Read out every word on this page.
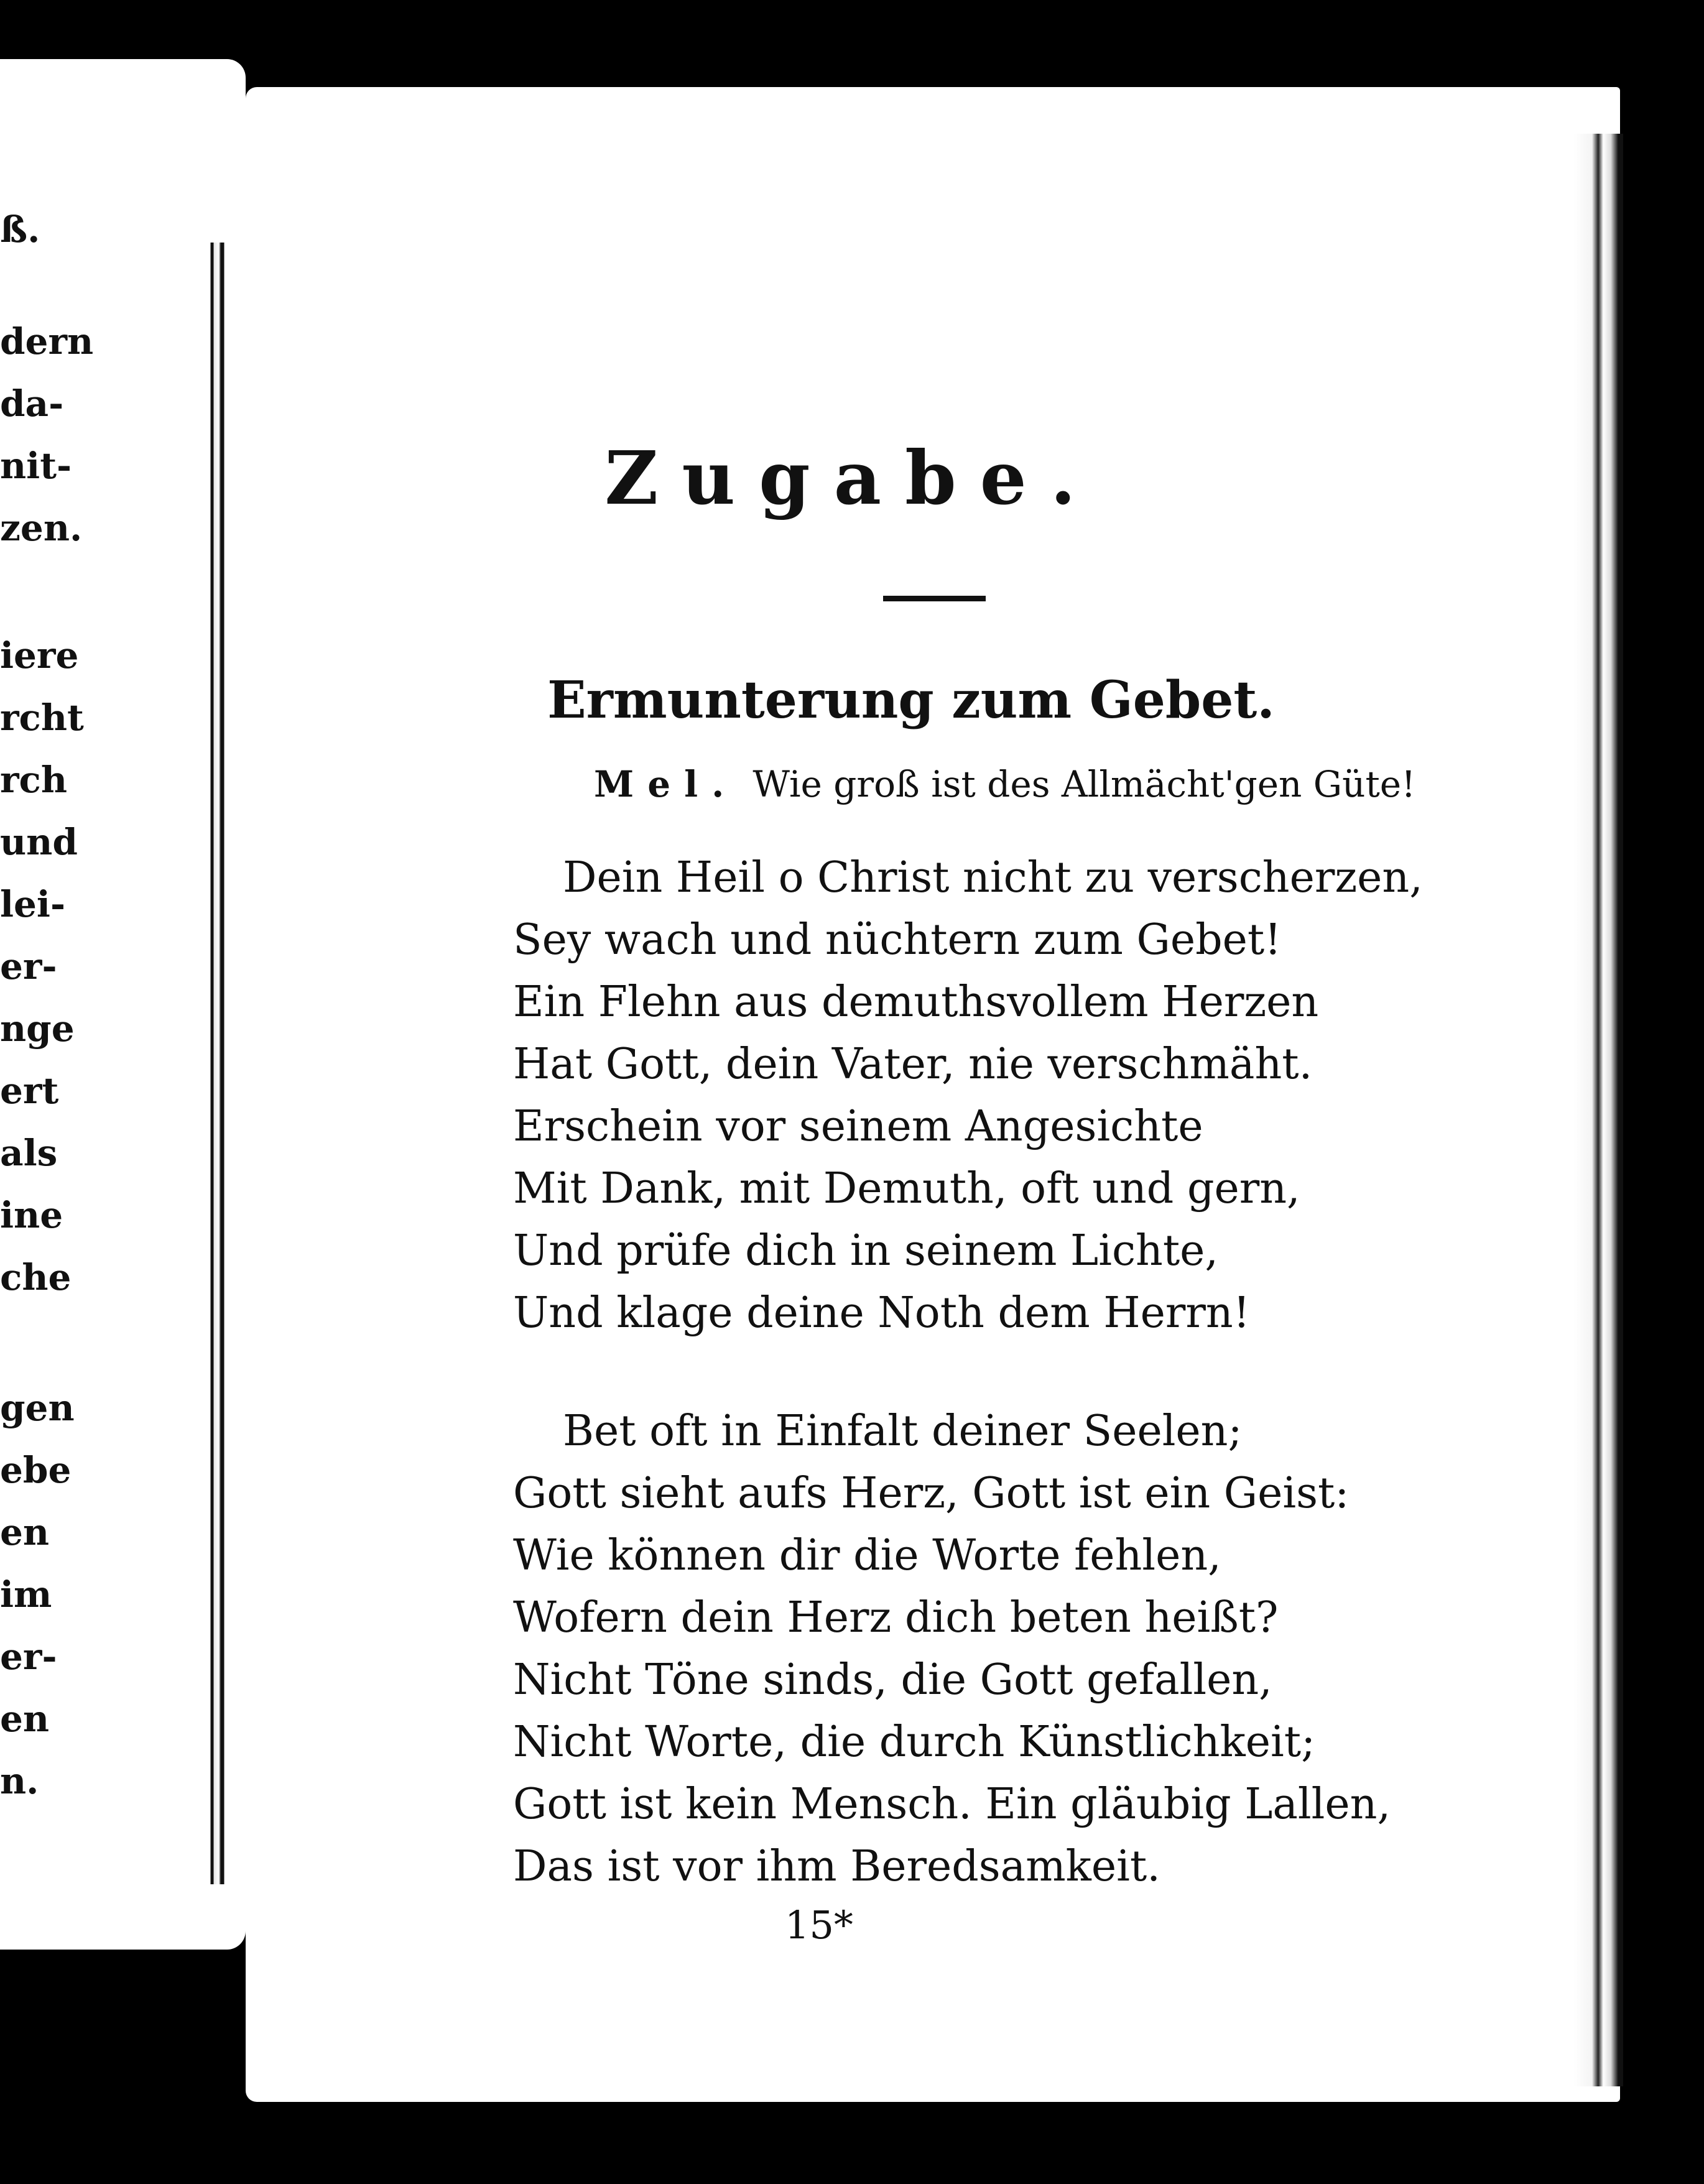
ß.
dern
da-
nit-
zen.
iere
rcht
rch
und
lei-
er-
nge
ert
als
ine
che
gen
ebe
en
im
er-
en
n.
Zugabe.
Ermunterung zum Gebet.
Mel. Wie groß ist des Allmächt'gen Güte!
Dein Heil o Christ nicht zu verscherzen,
Sey wach und nüchtern zum Gebet!
Ein Flehn aus demuthsvollem Herzen
Hat Gott, dein Vater, nie verschmäht.
Erschein vor seinem Angesichte
Mit Dank, mit Demuth, oft und gern,
Und prüfe dich in seinem Lichte,
Und klage deine Noth dem Herrn!
Bet oft in Einfalt deiner Seelen;
Gott sieht aufs Herz, Gott ist ein Geist:
Wie können dir die Worte fehlen,
Wofern dein Herz dich beten heißt?
Nicht Töne sinds, die Gott gefallen,
Nicht Worte, die durch Künstlichkeit;
Gott ist kein Mensch. Ein gläubig Lallen,
Das ist vor ihm Beredsamkeit.
15*
